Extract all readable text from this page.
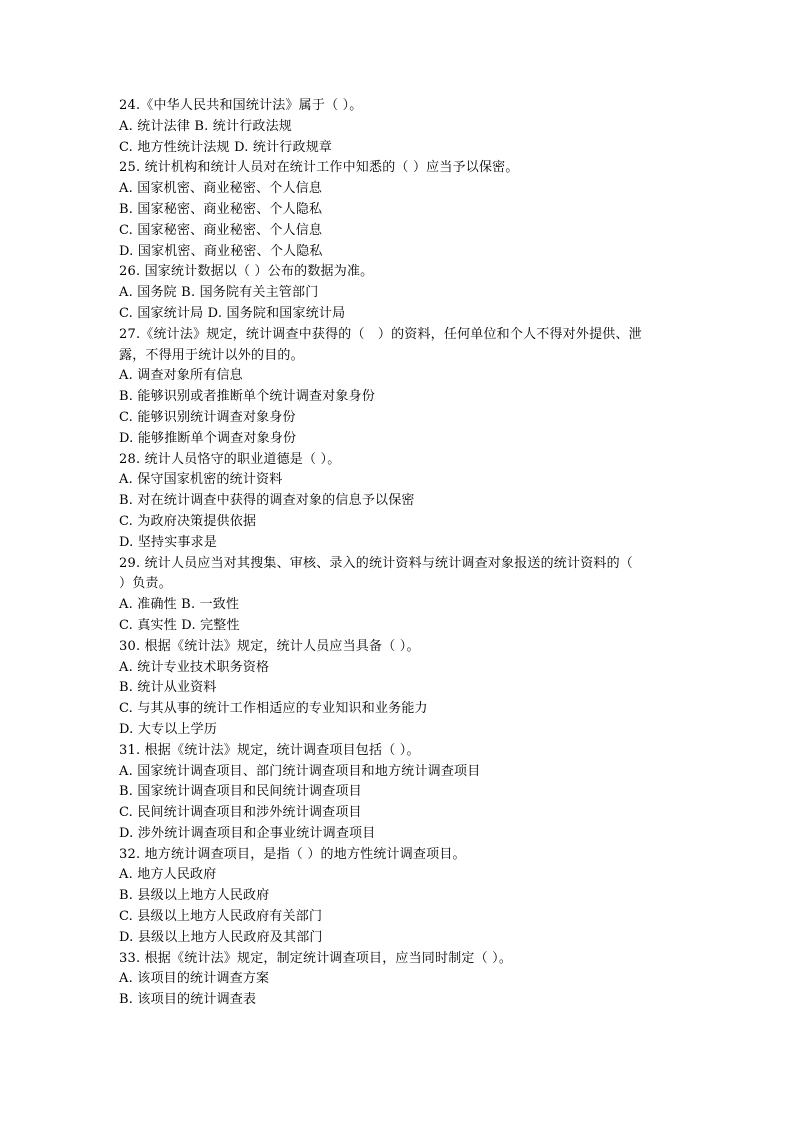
24.《中华人民共和国统计法》属于（ ）。
A. 统计法律 B. 统计行政法规
C. 地方性统计法规 D. 统计行政规章
25. 统计机构和统计人员对在统计工作中知悉的（ ）应当予以保密。
A. 国家机密、商业秘密、个人信息
B. 国家秘密、商业秘密、个人隐私
C. 国家秘密、商业秘密、个人信息
D. 国家机密、商业秘密、个人隐私
26. 国家统计数据以（ ）公布的数据为准。
A. 国务院 B. 国务院有关主管部门
C. 国家统计局 D. 国务院和国家统计局
27.《统计法》规定，统计调查中获得的（　）的资料，任何单位和个人不得对外提供、泄
露，不得用于统计以外的目的。
A. 调查对象所有信息
B. 能够识别或者推断单个统计调查对象身份
C. 能够识别统计调查对象身份
D. 能够推断单个调查对象身份
28. 统计人员恪守的职业道德是（ ）。
A. 保守国家机密的统计资料
B. 对在统计调查中获得的调查对象的信息予以保密
C. 为政府决策提供依据
D. 坚持实事求是
29. 统计人员应当对其搜集、审核、录入的统计资料与统计调查对象报送的统计资料的（
）负责。
A. 准确性 B. 一致性
C. 真实性 D. 完整性
30. 根据《统计法》规定，统计人员应当具备（ ）。
A. 统计专业技术职务资格
B. 统计从业资料
C. 与其从事的统计工作相适应的专业知识和业务能力
D. 大专以上学历
31. 根据《统计法》规定，统计调查项目包括（ ）。
A. 国家统计调查项目、部门统计调查项目和地方统计调查项目
B. 国家统计调查项目和民间统计调查项目
C. 民间统计调查项目和涉外统计调查项目
D. 涉外统计调查项目和企事业统计调查项目
32. 地方统计调查项目，是指（ ）的地方性统计调查项目。
A. 地方人民政府
B. 县级以上地方人民政府
C. 县级以上地方人民政府有关部门
D. 县级以上地方人民政府及其部门
33. 根据《统计法》规定，制定统计调查项目，应当同时制定（ ）。
A. 该项目的统计调查方案
B. 该项目的统计调查表
